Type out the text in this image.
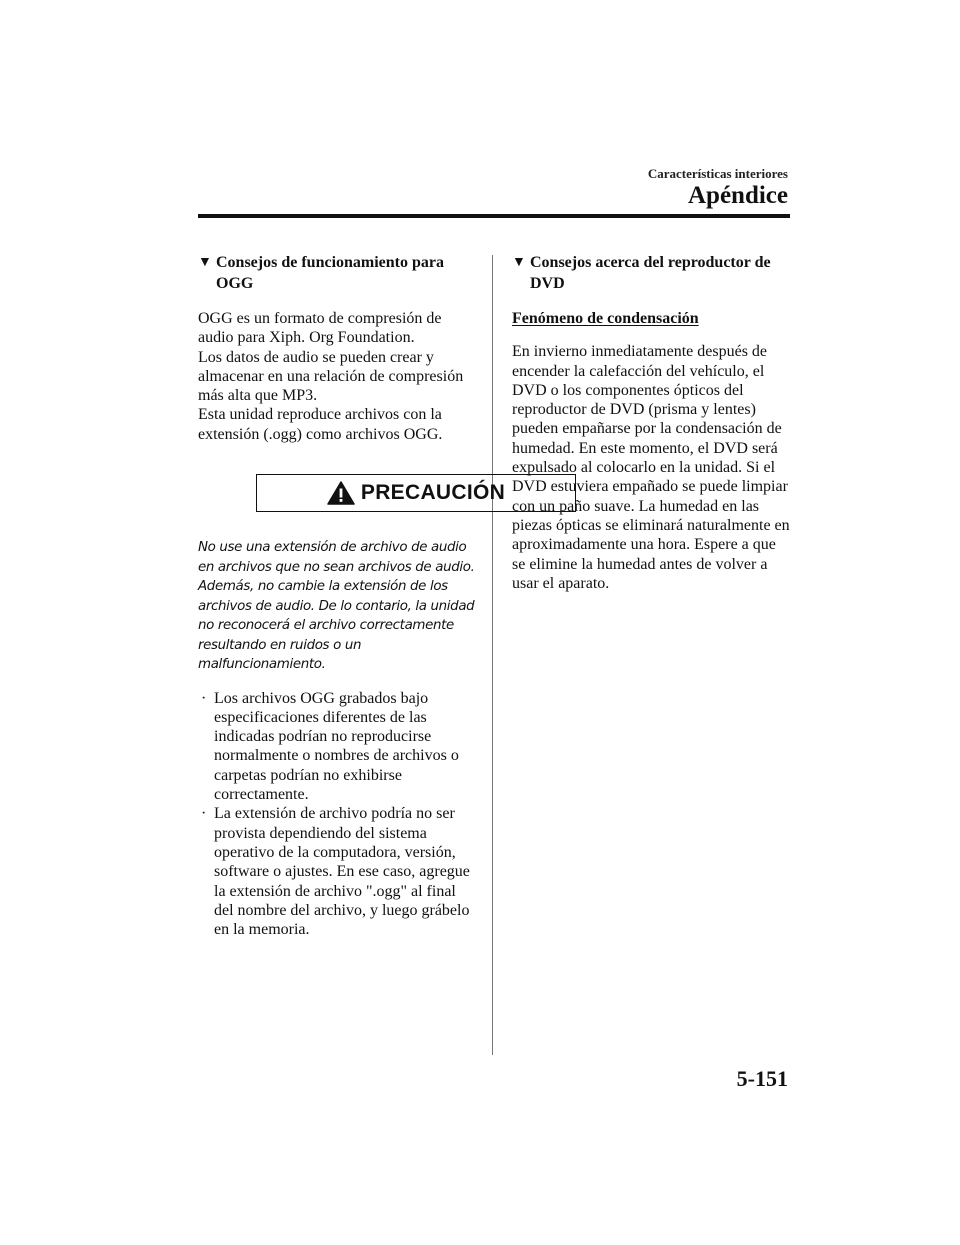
Características interiores
Apéndice
▼ Consejos de funcionamiento para OGG

OGG es un formato de compresión de audio para Xiph. Org Foundation.

Los datos de audio se pueden crear y almacenar en una relación de compresión más alta que MP3.

Esta unidad reproduce archivos con la extensión (.ogg) como archivos OGG.

PRECAUCIÓN
No use una extensión de archivo de audio en archivos que no sean archivos de audio. Además, no cambie la extensión de los archivos de audio. De lo contario, la unidad no reconocerá el archivo correctamente resultando en ruidos o un malfuncionamiento.
· Los archivos OGG grabados bajo especificaciones diferentes de las indicadas podrían no reproducirse normalmente o nombres de archivos o carpetas podrían no exhibirse correctamente.
· La extensión de archivo podría no ser provista dependiendo del sistema operativo de la computadora, versión, software o ajustes. En ese caso, agregue la extensión de archivo ".ogg" al final del nombre del archivo, y luego grábelo en la memoria.
▼ Consejos acerca del reproductor de DVD
Fenómeno de condensación

En invierno inmediatamente después de encender la calefacción del vehículo, el DVD o los componentes ópticos del reproductor de DVD (prisma y lentes) pueden empañarse por la condensación de humedad. En este momento, el DVD será expulsado al colocarlo en la unidad. Si el DVD estuviera empañado se puede limpiar con un paño suave. La humedad en las piezas ópticas se eliminará naturalmente en aproximadamente una hora. Espere a que se elimine la humedad antes de volver a usar el aparato.

5-151
